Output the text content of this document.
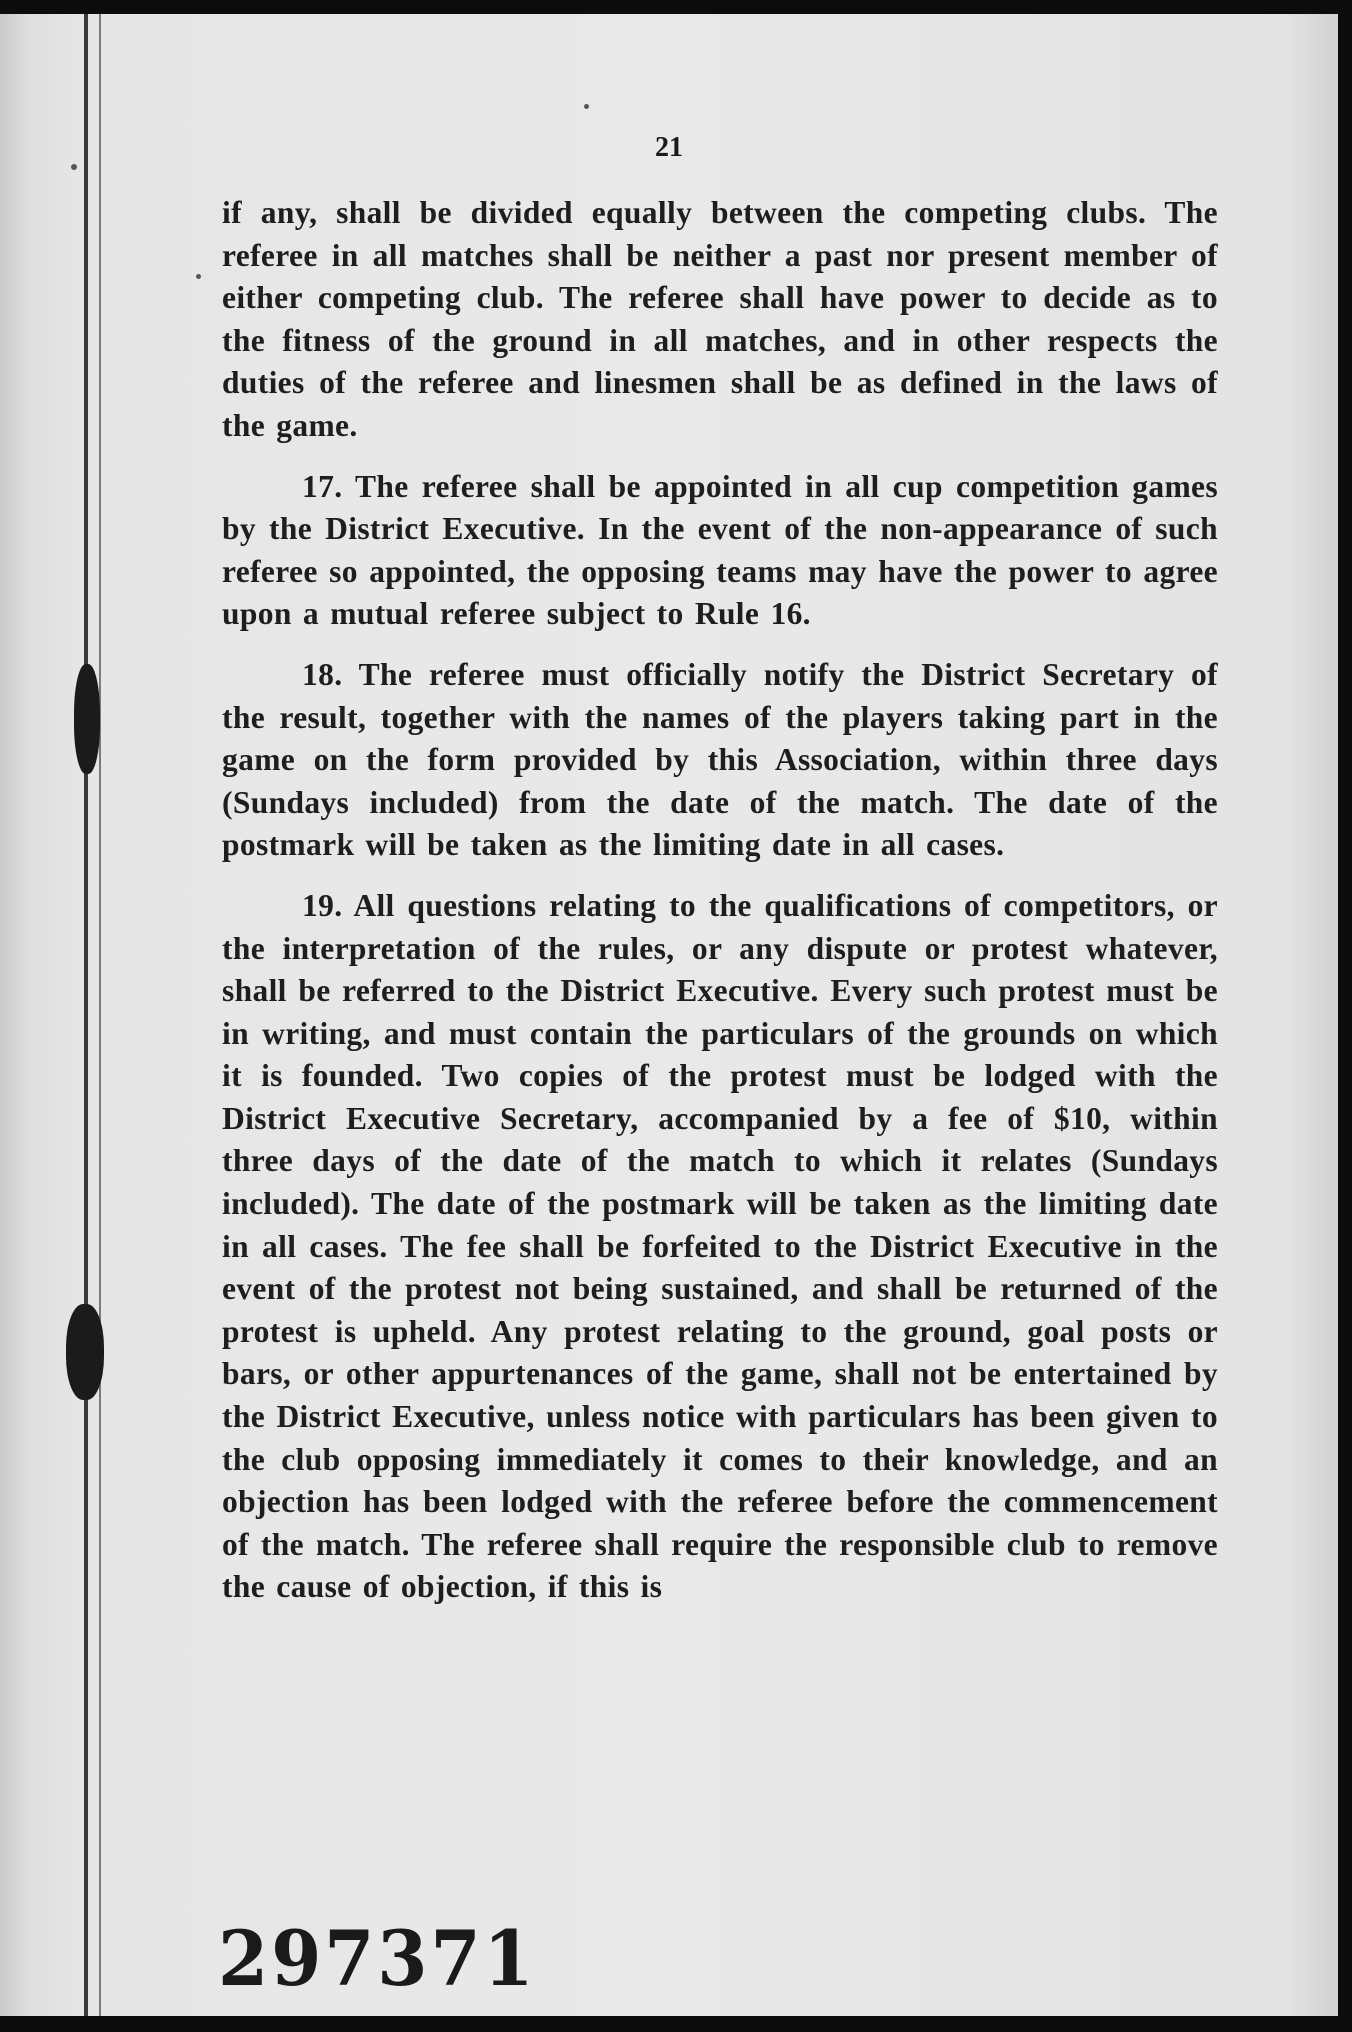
21

if any, shall be divided equally between the competing clubs. The referee in all matches shall be neither a past nor present member of either competing club. The referee shall have power to decide as to the fitness of the ground in all matches, and in other respects the duties of the referee and linesmen shall be as defined in the laws of the game.

17. The referee shall be appointed in all cup competition games by the District Executive. In the event of the non-appearance of such referee so appointed, the opposing teams may have the power to agree upon a mutual referee subject to Rule 16.

18. The referee must officially notify the District Secretary of the result, together with the names of the players taking part in the game on the form provided by this Association, within three days (Sundays included) from the date of the match. The date of the postmark will be taken as the limiting date in all cases.

19. All questions relating to the qualifications of competitors, or the interpretation of the rules, or any dispute or protest whatever, shall be referred to the District Executive. Every such protest must be in writing, and must contain the particulars of the grounds on which it is founded. Two copies of the protest must be lodged with the District Executive Secretary, accompanied by a fee of $10, within three days of the date of the match to which it relates (Sundays included). The date of the postmark will be taken as the limiting date in all cases. The fee shall be forfeited to the District Executive in the event of the protest not being sustained, and shall be returned of the protest is upheld. Any protest relating to the ground, goal posts or bars, or other appurtenances of the game, shall not be entertained by the District Executive, unless notice with particulars has been given to the club opposing immediately it comes to their knowledge, and an objection has been lodged with the referee before the commencement of the match. The referee shall require the responsible club to remove the cause of objection, if this is

297371
